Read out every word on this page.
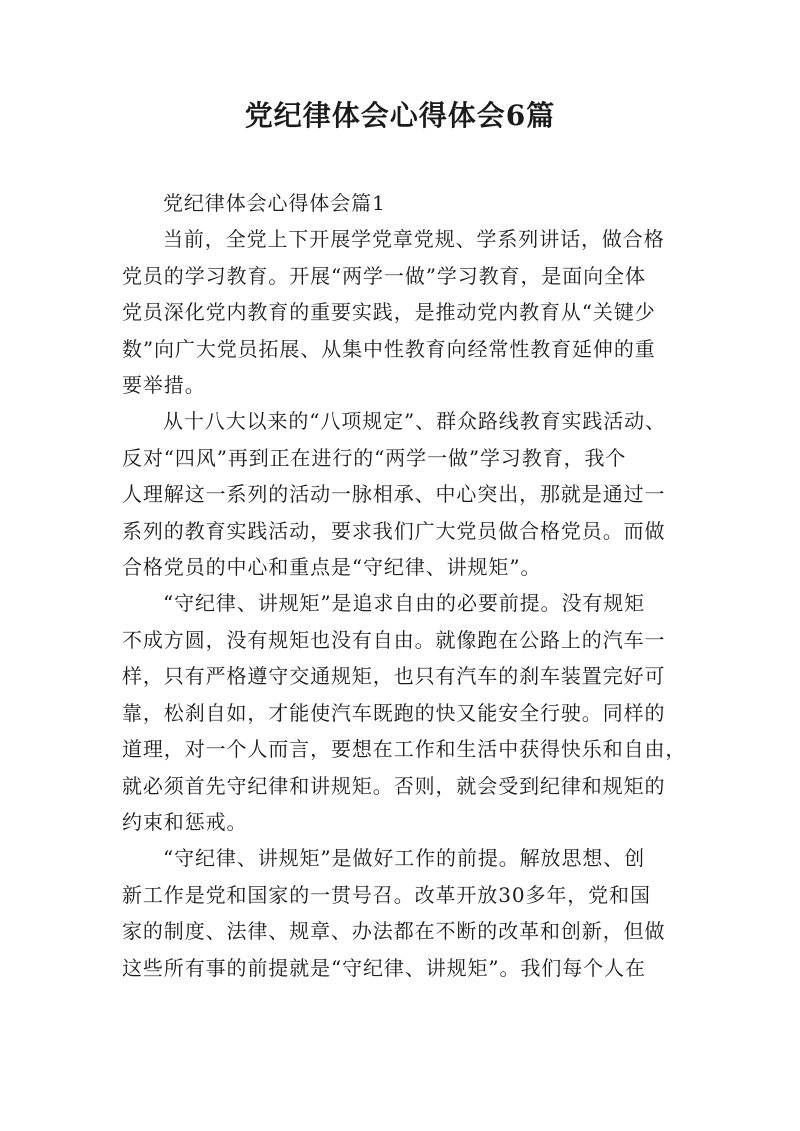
党纪律体会心得体会6篇
党纪律体会心得体会篇1
当前，全党上下开展学党章党规、学系列讲话，做合格
党员的学习教育。开展“两学一做”学习教育，是面向全体
党员深化党内教育的重要实践，是推动党内教育从“关键少
数”向广大党员拓展、从集中性教育向经常性教育延伸的重
要举措。
从十八大以来的“八项规定”、群众路线教育实践活动、
反对“四风”再到正在进行的“两学一做”学习教育，我个
人理解这一系列的活动一脉相承、中心突出，那就是通过一
系列的教育实践活动，要求我们广大党员做合格党员。而做
合格党员的中心和重点是“守纪律、讲规矩”。
“守纪律、讲规矩”是追求自由的必要前提。没有规矩
不成方圆，没有规矩也没有自由。就像跑在公路上的汽车一
样，只有严格遵守交通规矩，也只有汽车的刹车装置完好可
靠，松刹自如，才能使汽车既跑的快又能安全行驶。同样的
道理，对一个人而言，要想在工作和生活中获得快乐和自由，
就必须首先守纪律和讲规矩。否则，就会受到纪律和规矩的
约束和惩戒。
“守纪律、讲规矩”是做好工作的前提。解放思想、创
新工作是党和国家的一贯号召。改革开放30多年，党和国
家的制度、法律、规章、办法都在不断的改革和创新，但做
这些所有事的前提就是“守纪律、讲规矩”。我们每个人在
